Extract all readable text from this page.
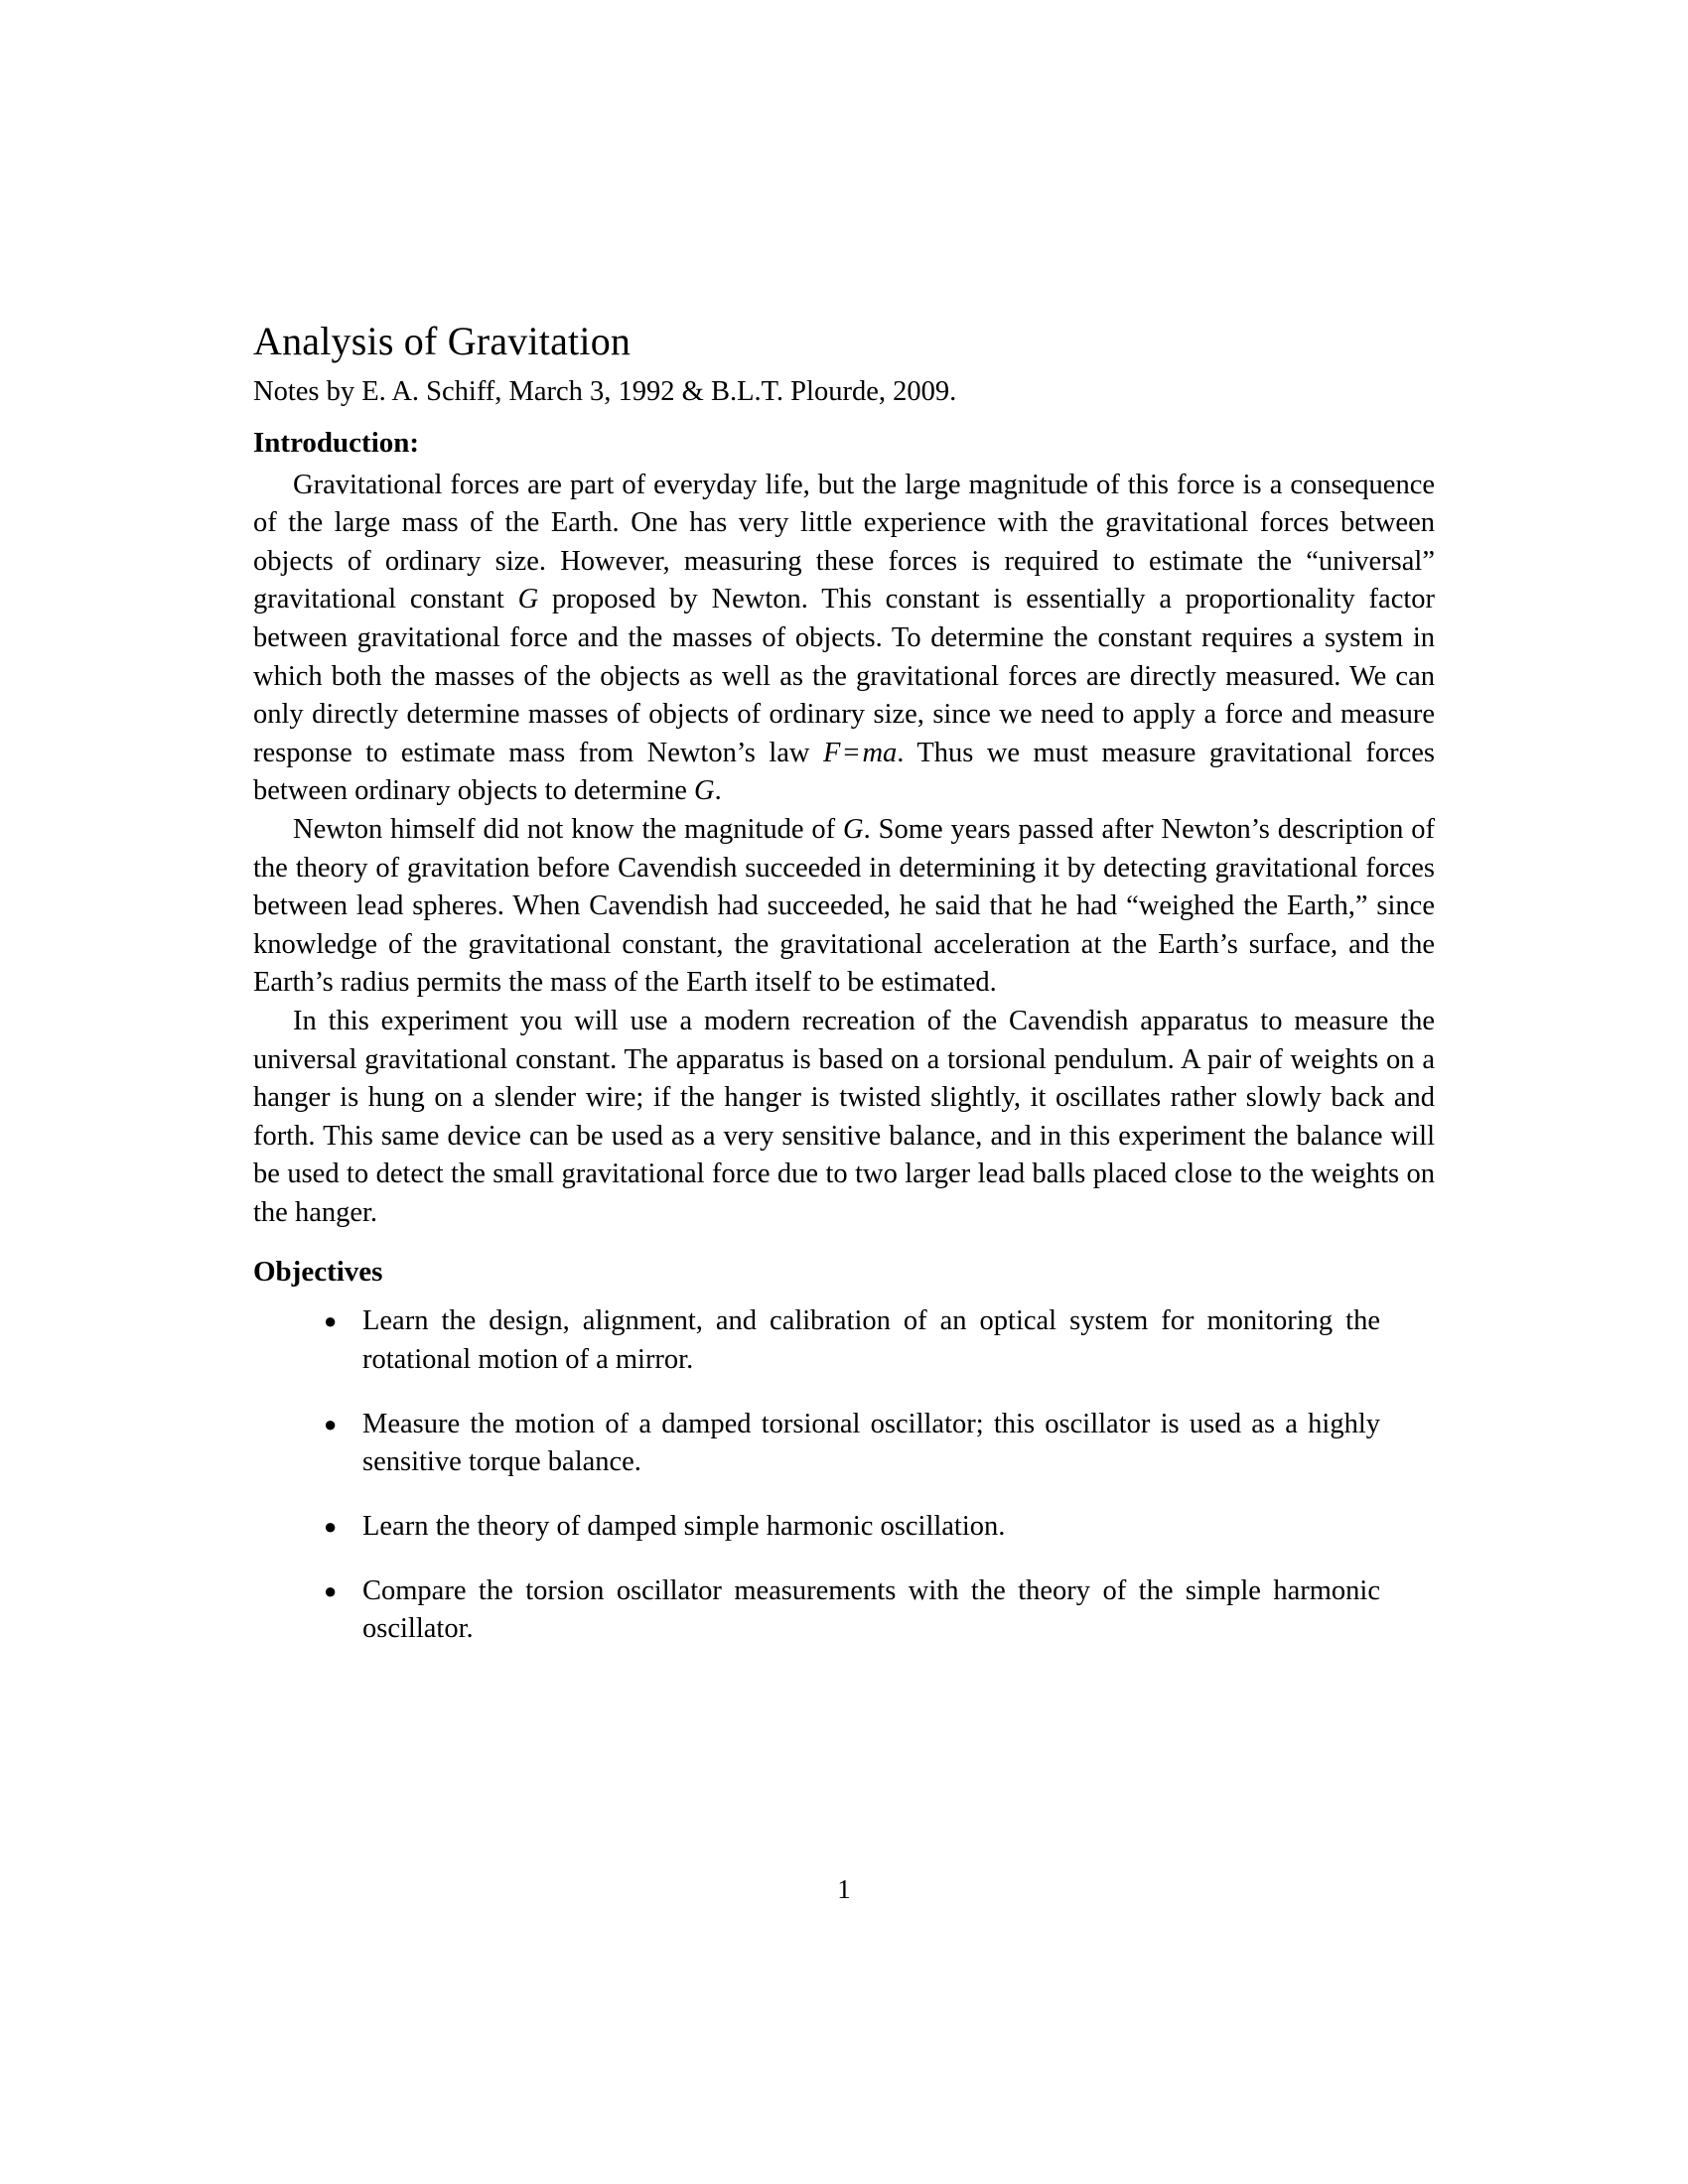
Analysis of Gravitation
Notes by E. A. Schiff, March 3, 1992 & B.L.T. Plourde, 2009.
Introduction:

Gravitational forces are part of everyday life, but the large magnitude of this force is a consequence of the large mass of the Earth. One has very little experience with the gravitational forces between objects of ordinary size. However, measuring these forces is required to estimate the “universal” gravitational constant G proposed by Newton. This constant is essentially a proportionality factor between gravitational force and the masses of objects. To determine the constant requires a system in which both the masses of the objects as well as the gravitational forces are directly measured. We can only directly determine masses of objects of ordinary size, since we need to apply a force and measure response to estimate mass from Newton’s law F = ma. Thus we must measure gravitational forces between ordinary objects to determine G.

Newton himself did not know the magnitude of G. Some years passed after Newton’s description of the theory of gravitation before Cavendish succeeded in determining it by detecting gravitational forces between lead spheres. When Cavendish had succeeded, he said that he had “weighed the Earth,” since knowledge of the gravitational constant, the gravitational acceleration at the Earth’s surface, and the Earth’s radius permits the mass of the Earth itself to be estimated.

In this experiment you will use a modern recreation of the Cavendish apparatus to measure the universal gravitational constant. The apparatus is based on a torsional pendulum. A pair of weights on a hanger is hung on a slender wire; if the hanger is twisted slightly, it oscillates rather slowly back and forth. This same device can be used as a very sensitive balance, and in this experiment the balance will be used to detect the small gravitational force due to two larger lead balls placed close to the weights on the hanger.

Objectives
● Learn the design, alignment, and calibration of an optical system for monitoring the rotational motion of a mirror.
● Measure the motion of a damped torsional oscillator; this oscillator is used as a highly sensitive torque balance.
● Learn the theory of damped simple harmonic oscillation.
● Compare the torsion oscillator measurements with the theory of the simple harmonic oscillator.
1
